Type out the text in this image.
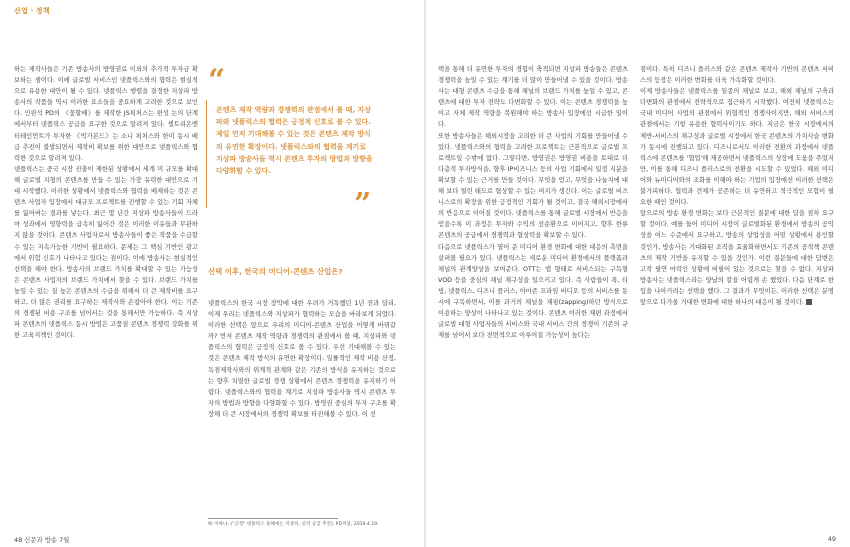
산업ㆍ정책

하는 제작사들은 기존 방송사의 방영권료 이외의 추가적 투자금 확보하는 셈이다. 이에 글로벌 서비스인 넷플릭스와의 협력은 현실적으로 유용한 대안이 될 수 있다. 넷플릭스 행렬을 결정한 지상파 방송사의 작품들 역시 이러한 요소들을 중요하게 고려한 것으로 보인다. 인판석 PD의 《꽃할배》를 제작한 JS픽처스는 편성 논의 단계에서부터 넷플릭스 공급을 요구한 것으로 알려져 있다. 셀트리온엔터테인먼트가 투자한 《빅가본드》는 소니 픽처스와 한미 동시 배급 추진이 불발되면서 제작비 확보를 위한 대안으로 넷플릭스와 협력한 것으로 알려져 있다.

넷플릭스는 중국 시장 진출이 제한된 상황에서 세계 미 규모를 확대해 글로벌 지형의 콘텐츠를 만들 수 있는 가장 유력한 대안으로 기대 시작했다. 이러한 상황에서 넷플릭스와 협력을 배제하는 것은 콘텐츠 사업자 입장에서 대규모 프로젝트를 진행할 수 있는 기회 자체를 잃어버는 결과를 낳는다. 최근 몇 년간 지상파 방송사들이 드라마 성과에서 영향력을 급속히 잃어간 것은 이러한 이유들과 무관하지 않을 것이다. 콘텐츠 사업자로서 방송사들이 좋은 작품을 수급할 수 있는 지속가능한 기반이 필요하다. 문제는 그 핵심 기반인 광고에서 위험 신호가 나타나고 있다는 점이다. 이에 방송사는 현실적인 선택을 해야 한다. 방송사의 브랜드 가치를 확대할 수 있는 가능성은 콘텐츠 사업자의 브랜드 가치에서 찾을 수 있다. 브랜드 가치를 높일 수 있는 질 높은 콘텐츠의 수급을 위해서 더 큰 제작비를 요구하고, 더 많은 권리를 요구하는 제작사와 손잡아야 한다. 이는 기존의 경쟁된 비용 구조를 넘어서는 것을 통해서만 가능하다. 즉 지상파 콘텐츠의 넷플릭스 동시 방영은 고품질 콘텐츠 경쟁력 강화를 위한 고육지책인 것이다.

“
콘텐츠 제작 역량과 경쟁력의 관점에서 볼 때, 지상파와 넷플릭스의 협력은 긍정적 신호로 볼 수 있다. 제일 먼저 기대해볼 수 있는 것은 콘텐츠 제작 방식의 유연한 확장이다. 넷플릭스와의 협력을 계기로 지상파 방송사들 역시 콘텐츠 투자의 방법과 방향을 다양화할 수 있다.
”
선택 이후, 한국의 미디어-콘텐츠 산업은?

넷플릭스의 한국 시장 장악에 대한 우려가 거독했던 1년 전과 달리, 이제 우리는 넷플릭스와 지상파가 협력하는 모습을 바라보게 되었다. 이러한 선택은 앞으로 우리의 미디어-콘텐츠 산업을 어떻게 바꿔갈까? 먼저 콘텐츠 제작 역량과 경쟁력의 관점에서 볼 때, 지상파와 넷플릭스의 협력은 긍정적 신호로 볼 수 있다. 우선 기대해볼 수 있는 것은 콘텐츠 제작 방식의 유연한 확장이다. 일률적인 제작 비용 산정, 독점제작사와의 위계적 관계와 같은 기존의 방식을 유지하는 것으로는 향후 치열한 글로벌 경쟁 상황에서 콘텐츠 경쟁력을 유지하기 어렵다. 넷플릭스와의 협력을 계기로 지상파 방송사들 역시 콘텐츠 투자의 방법과 방향을 다양화할 수 있다. 방영권 중심의 투자 구조를 확장해 더 큰 시장에서의 경쟁력 확보를 타진해볼 수 있다. 이 선

9) 이하나, ("긍정" 넷플릭스 올해에는 지상파, 신작 공급 추진), PD저널, 2019.4.19.
48 신문과 방송 7월

택을 통해 더 유연한 투자의 경험이 축적되면 지상파 방송들은 콘텐츠 경쟁력을 높일 수 있는 계기를 더 많이 만들어낼 수 있을 것이다. 방송사는 대형 콘텐츠 수급을 통해 채널의 브랜드 가치를 높일 수 있고, 콘텐츠에 대한 투자 전략도 다변화할 수 있다. 이는 콘텐츠 경쟁력을 높이고 자체 제작 역량을 복원해야 하는 방송사 입장에선 시급한 일이다.

또한 방송사들은 해외시장을 고려한 더 큰 사업의 기회를 만들어낼 수 있다. 넷플릭스와의 협력을 고려한 프로젝트는 근본적으로 글로벌 프로젝트일 수밖에 없다. 그렇다면, 방영권은 방영권 비용을 토대로 더 다층적 투자방식을, 향후 IP비즈니스 등의 사업 기회에서 일정 지분을 확보할 수 있는 근거를 만들 것이다. 무엇을 얻고, 무엇을 나눌지에 대해 보다 열린 태도로 협상할 수 있는 여지가 생긴다. 이는 글로벌 비즈니스로의 확장을 위한 긍정적인 기회가 될 것이고, 결국 해외시장에서의 반응으로 이어질 것이다. 넷플릭스를 통해 글로벌 시장에서 반응을 얻을수록 이 과정은 투자와 수익의 선순환으로 이어지고, 향후 한류 콘텐츠의 공급에서 경쟁력과 협상력을 확보할 수 있다.

다음으로 넷플릭스가 열어 준 미디어 환경 변화에 대한 대응의 측면을 살펴볼 필요가 있다. 넷플릭스는 새로운 미디어 환경에서의 플랫폼과 채널의 관계양상을 보여준다. OTT는 앱 형태로 서비스되는 구독형 VOD 등을 중심의 채널 재구성을 일으키고 있다. 즉 사람들이 폭, 티빙, 넷플릭스, 디즈니 플러스, 아마존 프라임 비디오 등의 서비스를 동시에 구독하면서, 이를 과거의 채널을 재핑(zapping)하던 방식으로 이용하는 양상이 나타나고 있는 것이다. 콘텐츠 이러한 재편 과정에서 글로벌 대형 사업자들의 서비스와 국내 서비스 간의 경쟁이 기존의 규제를 넘어서 보다 전면적으로 이루어질 가능성이 높다는

점이다. 특히 디즈니 플러스와 같은 콘텐츠 제작사 기반의 콘텐츠 서비스의 등장은 이러한 변화를 더욱 가속화할 것이다.

이제 방송사들은 넷플릭스를 일종의 채널로 보고, 해외 채널의 구축과 다변화의 관점에서 전략적으로 접근하기 시작했다. 여전히 넷플릭스는 국내 미디어 사업의 관점에서 위협적인 경쟁사이지만, 해외 서비스의 관점에서는 기항 유용한 협력사이기도 하다. 지금은 한국 시장에서의 제반-서비스의 재구성과 글로벌 시장에서 한국 콘텐츠의 가치사슬 변화가 동시에 진행되고 있다. 디즈니로서도 이러한 전환의 과정에서 넷플릭스에 콘텐츠를 '협업'해 제공하면서 넷플릭스의 성장에 도움을 주었지만, 이를 통해 디즈니 플러스로의 전환을 시도할 수 있었다. 해외 미디어와 뉴미디어와의 조화를 이해야 하는 기업의 입장에선 이러한 선택은 불가피하다. 협력과 견제가 공존하는 더 유연하고 적극적인 모험이 필요한 때인 것이다.

앞으로의 방송 환경 변화는 보다 근본적인 질문에 대한 답을 점차 요구할 것이다. 예를 들어 미디어 시장이 글로벌화된 환경에서 방송의 공익성을 어느 수준에서 요구하고, 방송의 상업성을 어떤 상황에서 용인할 것인가, 방송사는 거대화된 조직을 효율화하면서도 기존의 공적책 콘텐츠의 제작 기반을 유지할 수 있을 것인가. 이런 질문들에 대한 답변은 고작 필연 마력인 상황에 버릴어 있는 것으로는 찾을 수 없다. 지상파 방송사는 넷플릭스라는 양날의 칼을 어렵게 손 했었다. 다음 단계로 한 입을 나아가려는 선택을 했다. 그 결과가 무엇이든, 이러한 선택은 분명 앞으로 다가올 거대한 변화에 대한 하나의 대응이 될 것이다.

49
